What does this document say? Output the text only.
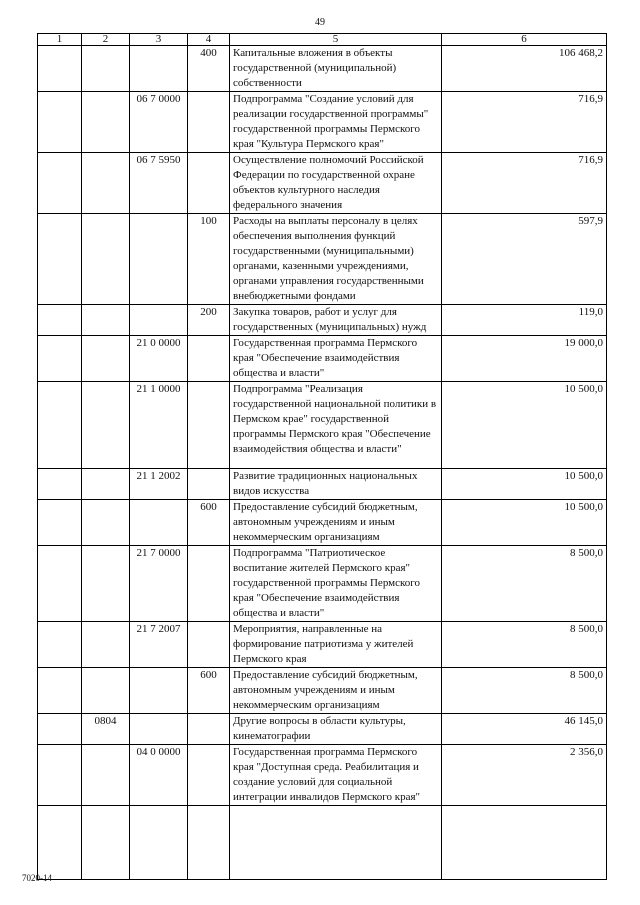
49
1	2	3	4	5	6
			400	Капитальные вложения в объекты государственной (муниципальной) собственности	106 468,2
		06 7 0000		Подпрограмма "Создание условий для реализации государственной программы" государственной программы Пермского края "Культура Пермского края"	716,9
		06 7 5950		Осуществление полномочий Российской Федерации по государственной охране объектов культурного наследия федерального значения	716,9
			100	Расходы на выплаты персоналу в целях обеспечения выполнения функций государственными (муниципальными) органами, казенными учреждениями, органами управления государственными внебюджетными фондами	597,9
			200	Закупка товаров, работ и услуг для государственных (муниципальных) нужд	119,0
		21 0 0000		Государственная программа Пермского края "Обеспечение взаимодействия общества и власти"	19 000,0
		21 1 0000		Подпрограмма "Реализация государственной национальной политики в Пермском крае" государственной программы Пермского края "Обеспечение взаимодействия общества и власти"	10 500,0
		21 1 2002		Развитие традиционных национальных видов искусства	10 500,0
			600	Предоставление субсидий бюджетным, автономным учреждениям и иным некоммерческим организациям	10 500,0
		21 7 0000		Подпрограмма "Патриотическое воспитание жителей Пермского края" государственной программы Пермского края "Обеспечение взаимодействия общества и власти"	8 500,0
		21 7 2007		Мероприятия, направленные на формирование патриотизма у жителей Пермского края	8 500,0
			600	Предоставление субсидий бюджетным, автономным учреждениям и иным некоммерческим организациям	8 500,0
	0804			Другие вопросы в области культуры, кинематографии	46 145,0
		04 0 0000		Государственная программа Пермского края "Доступная среда. Реабилитация и создание условий для социальной интеграции инвалидов Пермского края"	2 356,0

7020-14
